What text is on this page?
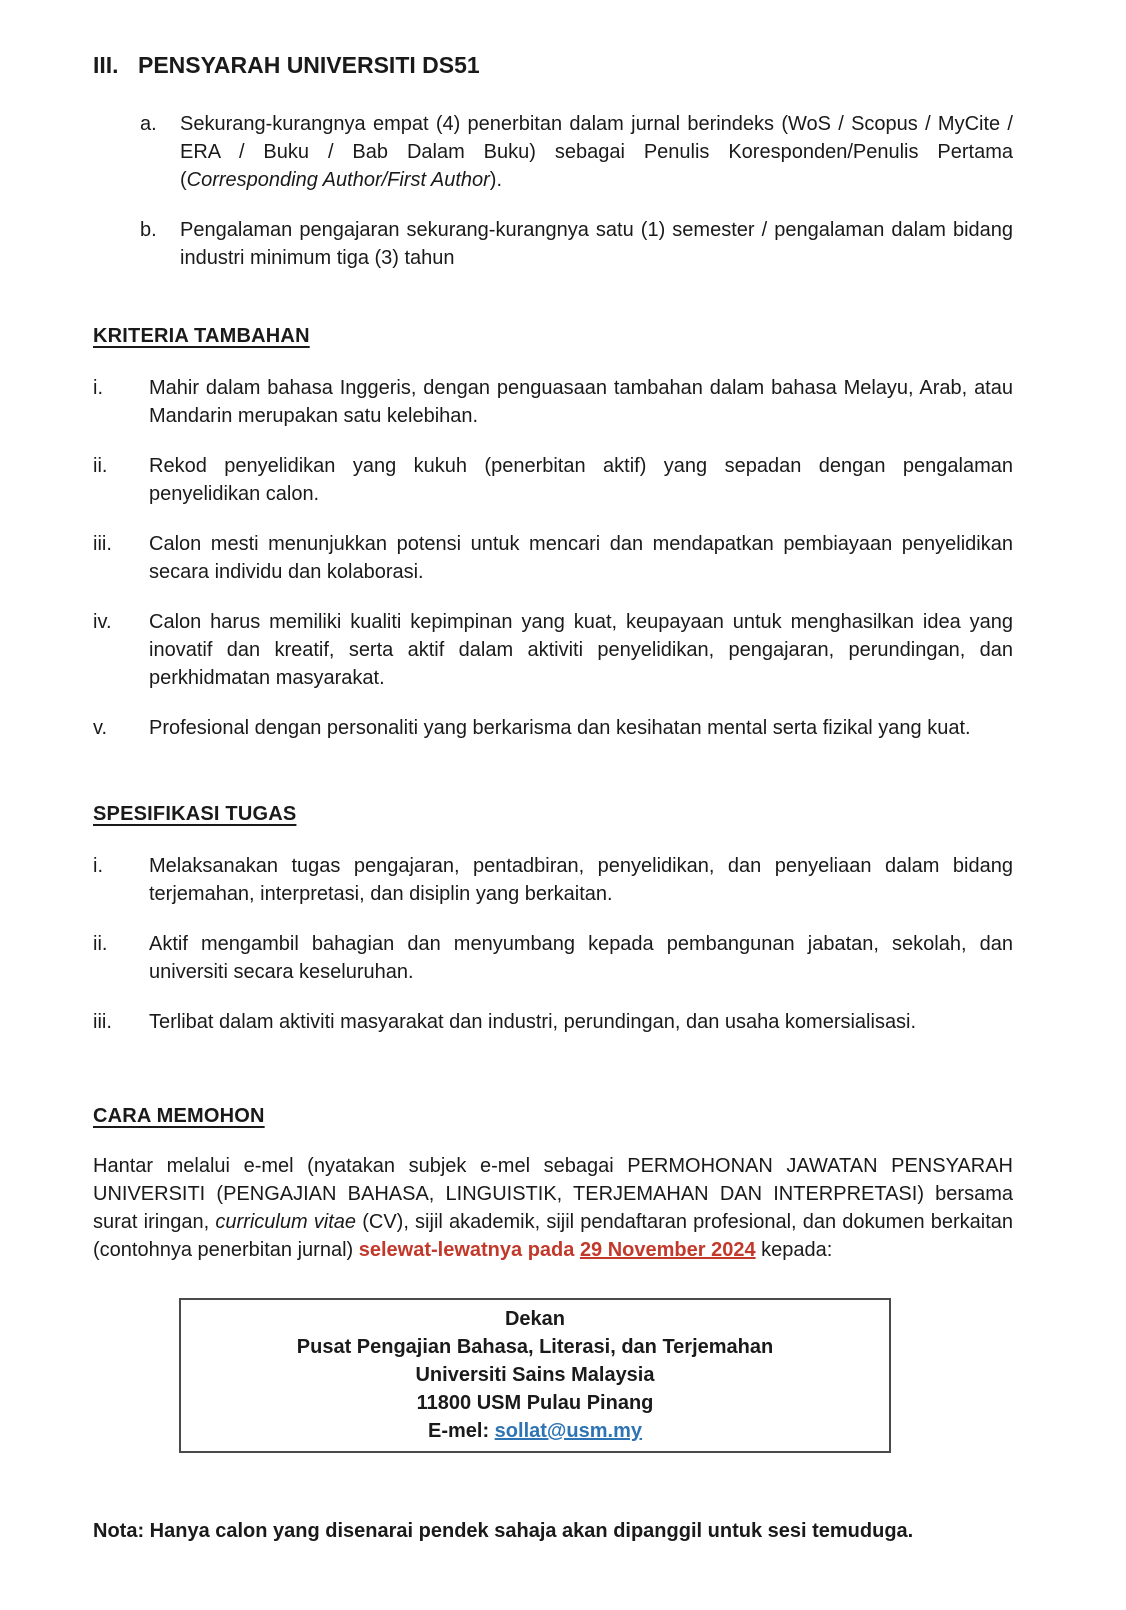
III. PENSYARAH UNIVERSITI DS51
a.	Sekurang-kurangnya empat (4) penerbitan dalam jurnal berindeks (WoS / Scopus / MyCite / ERA / Buku / Bab Dalam Buku) sebagai Penulis Koresponden/Penulis Pertama (Corresponding Author/First Author).

b.	Pengalaman pengajaran sekurang-kurangnya satu (1) semester / pengalaman dalam bidang industri minimum tiga (3) tahun

KRITERIA TAMBAHAN
i.	Mahir dalam bahasa Inggeris, dengan penguasaan tambahan dalam bahasa Melayu, Arab, atau Mandarin merupakan satu kelebihan.

ii.	Rekod penyelidikan yang kukuh (penerbitan aktif) yang sepadan dengan pengalaman penyelidikan calon.

iii.	Calon mesti menunjukkan potensi untuk mencari dan mendapatkan pembiayaan penyelidikan secara individu dan kolaborasi.

iv.	Calon harus memiliki kualiti kepimpinan yang kuat, keupayaan untuk menghasilkan idea yang inovatif dan kreatif, serta aktif dalam aktiviti penyelidikan, pengajaran, perundingan, dan perkhidmatan masyarakat.

v.	Profesional dengan personaliti yang berkarisma dan kesihatan mental serta fizikal yang kuat.

SPESIFIKASI TUGAS
i.	Melaksanakan tugas pengajaran, pentadbiran, penyelidikan, dan penyeliaan dalam bidang terjemahan, interpretasi, dan disiplin yang berkaitan.

ii.	Aktif mengambil bahagian dan menyumbang kepada pembangunan jabatan, sekolah, dan universiti secara keseluruhan.

iii.	Terlibat dalam aktiviti masyarakat dan industri, perundingan, dan usaha komersialisasi.

CARA MEMOHON

Hantar melalui e-mel (nyatakan subjek e-mel sebagai PERMOHONAN JAWATAN PENSYARAH UNIVERSITI (PENGAJIAN BAHASA, LINGUISTIK, TERJEMAHAN DAN INTERPRETASI) bersama surat iringan, curriculum vitae (CV), sijil akademik, sijil pendaftaran profesional, dan dokumen berkaitan (contohnya penerbitan jurnal) selewat-lewatnya pada 29 November 2024 kepada:

Dekan
Pusat Pengajian Bahasa, Literasi, dan Terjemahan
Universiti Sains Malaysia
11800 USM Pulau Pinang
E-mel: sollat@usm.my

Nota: Hanya calon yang disenarai pendek sahaja akan dipanggil untuk sesi temuduga.
